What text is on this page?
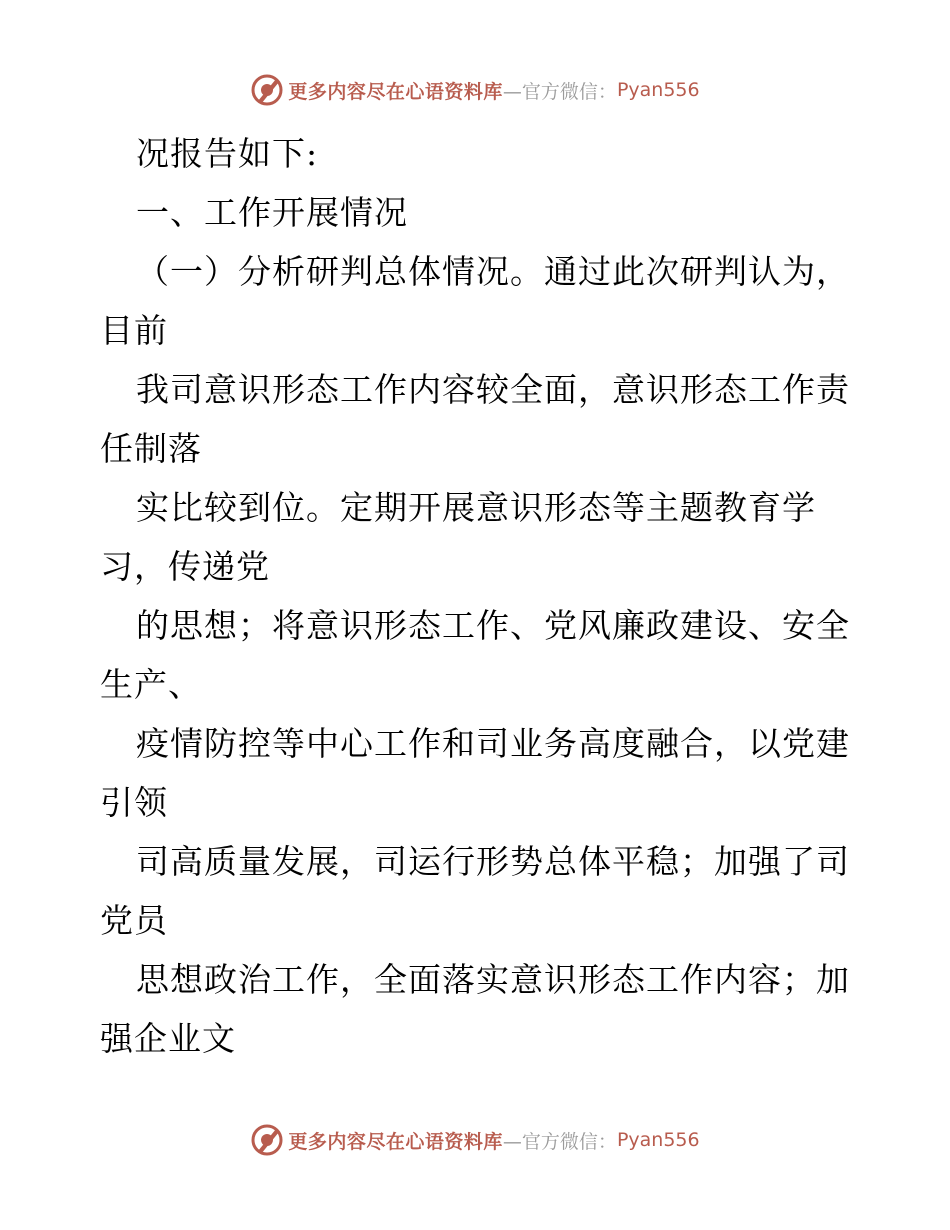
更多内容尽在心语资料库 —官方微信： Pyan556
况报告如下:
一、工作开展情况
（一）分析研判总体情况。通过此次研判认为，
目前
我司意识形态工作内容较全面，意识形态工作责
任制落
实比较到位。定期开展意识形态等主题教育学
习，传递党
的思想；将意识形态工作、党风廉政建设、安全
生产、
疫情防控等中心工作和司业务高度融合，以党建
引领
司高质量发展，司运行形势总体平稳；加强了司
党员
思想政治工作，全面落实意识形态工作内容；加
强企业文
更多内容尽在心语资料库 —官方微信： Pyan556
